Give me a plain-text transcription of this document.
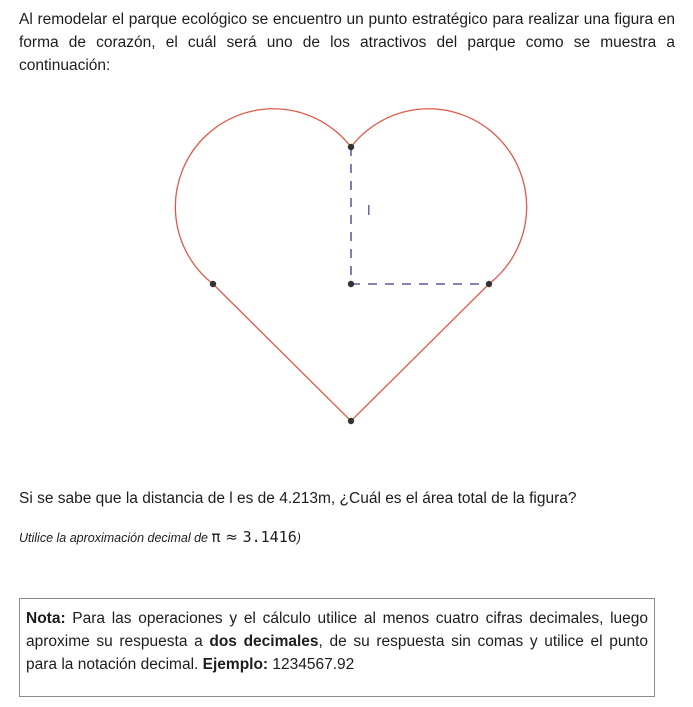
Al remodelar el parque ecológico se encuentro un punto estratégico para realizar una figura en forma de corazón, el cuál será uno de los atractivos del parque como se muestra a continuación:

l

Si se sabe que la distancia de l es de 4.213m, ¿Cuál es el área total de la figura?

Utilice la aproximación decimal de π ≈ 3.1416)

Nota: Para las operaciones y el cálculo utilice al menos cuatro cifras decimales, luego aproxime su respuesta a dos decimales, de su respuesta sin comas y utilice el punto para la notación decimal. Ejemplo: 1234567.92
